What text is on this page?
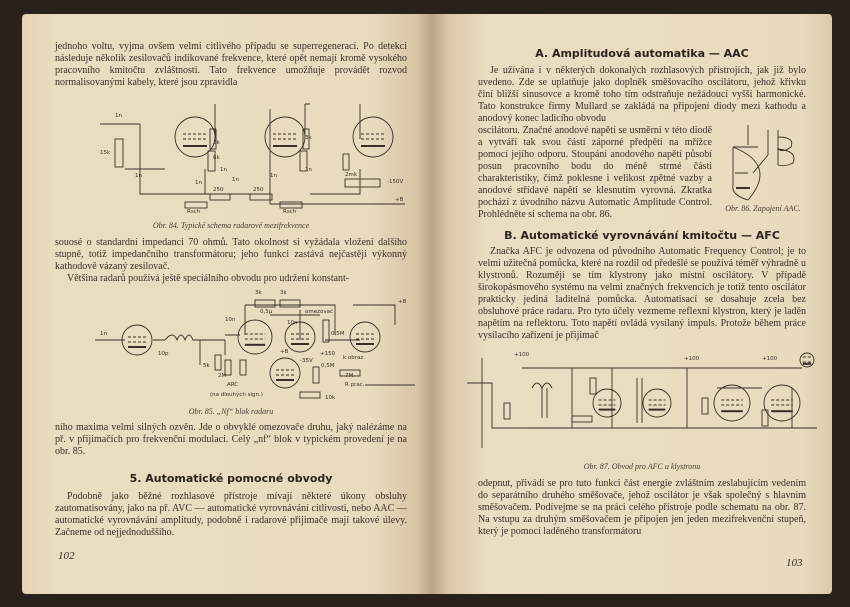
jednoho voltu, vyjma ovšem velmi citlivého případu se superregenerací. Po detekci následuje několik zesilovačů indikované frekvence, které opět nemají kromě vysokého pracovního kmitočtu zvláštností. Tato frekvence umožňuje provádět rozvod normalisovanými kabely, které jsou zpravidla

1n
15k
1n
3k
1n
6k
1n	1n
3k
1n
250	250
Rsch	Rsch
2mk
-150V
+B
1n
Obr. 84. Typické schema radarové mezifrekvence

souosé o standardní impedanci 70 ohmů. Tato okolnost si vyžádala vložení dalšího stupně, totiž impedančního transformátoru; jeho funkci zastává nejčastěji výkonný kathodově vázaný zesilovač.

Většina radarů používá ještě speciálního obvodu pro udržení konstant-

3k	3k
0,5μ
+B
1n
10n
10p
5k
2M
10n
omezovač
0,5M
-35V
+B	+150
0,5M
k obraz.
7M
R prac.
ARC
(na dlouhých sign.)	10k
Obr. 85. „Nf“ blok radaru

ního maxima velmi silných ozvěn. Jde o obvyklé omezovače druhu, jaký nalézáme na př. v přijimačích pro frekvenční modulaci. Celý „nf“ blok v typickém provedení je na obr. 85.

5. Automatické pomocné obvody

Podobně jako běžné rozhlasové přístroje mívají některé úkony obsluhy zautomatisovány, jako na př. AVC — automatické vyrovnávání citlivosti, nebo AAC — automatické vyrovnávání amplitudy, podobně i radarové přijimače mají takové úlevy. Začneme od nejjednoduššího.

102
A. Amplitudová automatika — AAC

Je užívána i v některých dokonalých rozhlasových přístrojích, jak již bylo uvedeno. Zde se uplatňuje jako doplněk směšovacího oscilátoru, jehož křivku činí bližší sinusovce a kromě toho tím odstraňuje nežádoucí vyšší harmonické. Tato konstrukce firmy Mullard se zakládá na připojení diody mezi kathodu a anodový konec ladicího obvodu

Obr. 86. Zapojení AAC.

oscilátoru. Značné anodové napětí se usměrní v této diodě a vytváří tak svou částí záporné předpětí na mřížce pomocí jejího odporu. Stoupání anodového napětí působí posun pracovního bodu do méně strmé části charakteristiky, čímž poklesne i velikost zpětné vazby a anodové střídavé napětí se klesnutím vyrovná. Zkratka pochází z úvodního názvu Automatic Amplitude Control. Prohlédněte si schema na obr. 86.

B. Automatické vyrovnávání kmitočtu — AFC

Značka AFC je odvozena od původního Automatic Frequency Control; je to velmi užitečná pomůcka, které na rozdíl od předešlé se používá téměř výhradně u klystronů. Rozumějí se tím klystrony jako místní oscilátory. V případě širokopásmového systému na velmi značných frekvencích je totiž tento oscilátor prakticky jediná laditelná pomůcka. Automatisací se dosahuje zcela bez obsluhové práce radaru. Pro tyto účely vezmeme reflexní klystron, který je laděn napětím na reflektoru. Toto napětí ovládá vysílaný impuls. Protože během práce vysílacího zařízení je přijimač

+100
+100	+100
Obr. 87. Obvod pro AFC u klystronu

odepnut, přivádí se pro tuto funkci část energie zvláštním zeslabujícím vedením do separátního druhého směšovače, jehož oscilátor je však společný s hlavním směšovačem. Podívejme se na práci celého přístroje podle schematu na obr. 87. Na vstupu za druhým směšovačem je připojen jen jeden mezifrekvenční stupeň, který je pomocí laděného transformátoru

103
